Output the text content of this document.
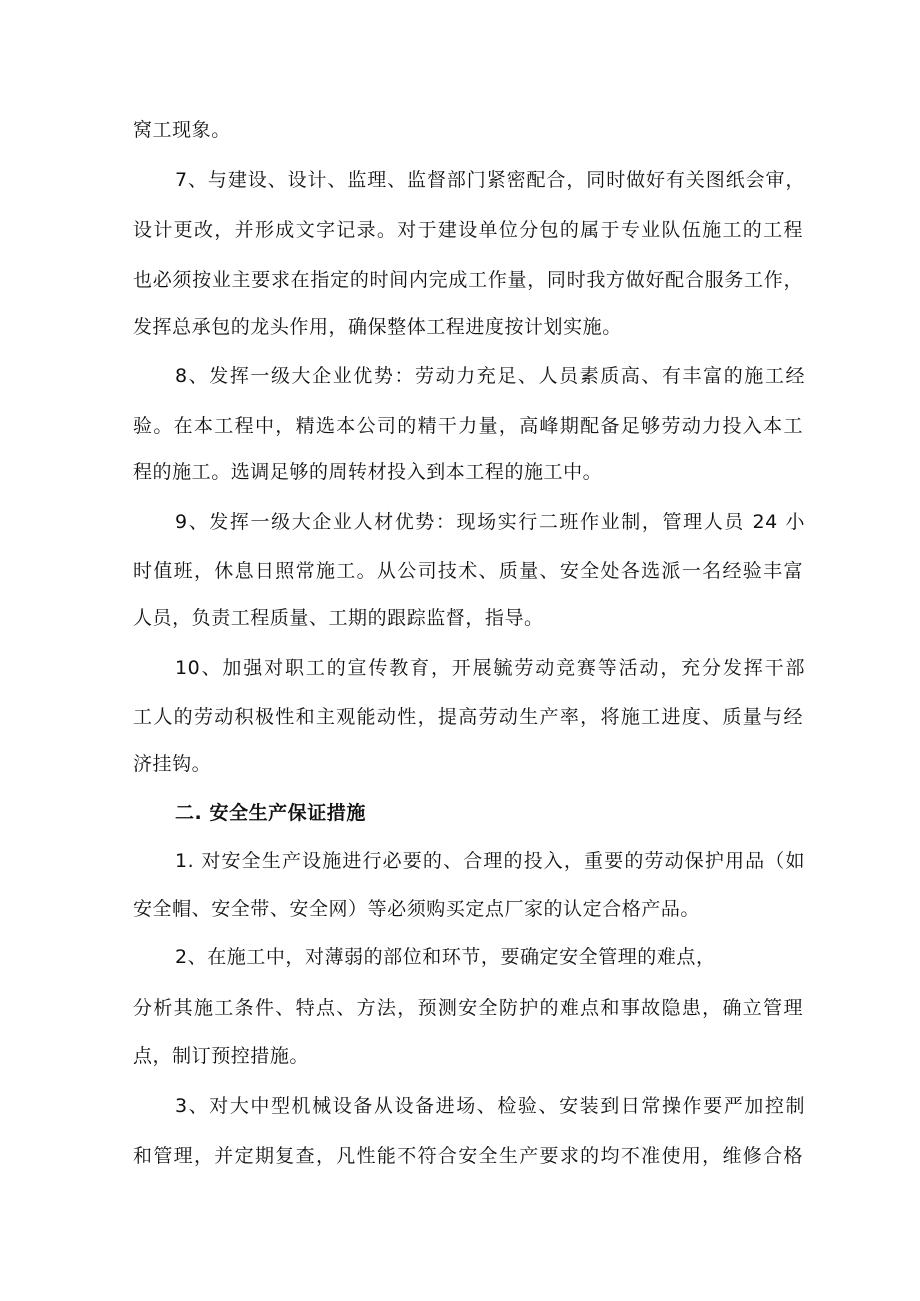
窝工现象。
7、与建设、设计、监理、监督部门紧密配合，同时做好有关图纸会审，
设计更改，并形成文字记录。对于建设单位分包的属于专业队伍施工的工程
也必须按业主要求在指定的时间内完成工作量，同时我方做好配合服务工作，
发挥总承包的龙头作用，确保整体工程进度按计划实施。
8、发挥一级大企业优势：劳动力充足、人员素质高、有丰富的施工经
验。在本工程中，精选本公司的精干力量，高峰期配备足够劳动力投入本工
程的施工。选调足够的周转材投入到本工程的施工中。
9、发挥一级大企业人材优势：现场实行二班作业制，管理人员 24 小
时值班，休息日照常施工。从公司技术、质量、安全处各选派一名经验丰富
人员，负责工程质量、工期的跟踪监督，指导。
10、加强对职工的宣传教育，开展毓劳动竞赛等活动，充分发挥干部
工人的劳动积极性和主观能动性，提高劳动生产率，将施工进度、质量与经
济挂钩。
二. 安全生产保证措施
1. 对安全生产设施进行必要的、合理的投入，重要的劳动保护用品（如
安全帽、安全带、安全网）等必须购买定点厂家的认定合格产品。
2、在施工中，对薄弱的部位和环节，要确定安全管理的难点，
分析其施工条件、特点、方法，预测安全防护的难点和事故隐患，确立管理
点，制订预控措施。
3、对大中型机械设备从设备进场、检验、安装到日常操作要严加控制
和管理，并定期复查，凡性能不符合安全生产要求的均不准使用，维修合格
